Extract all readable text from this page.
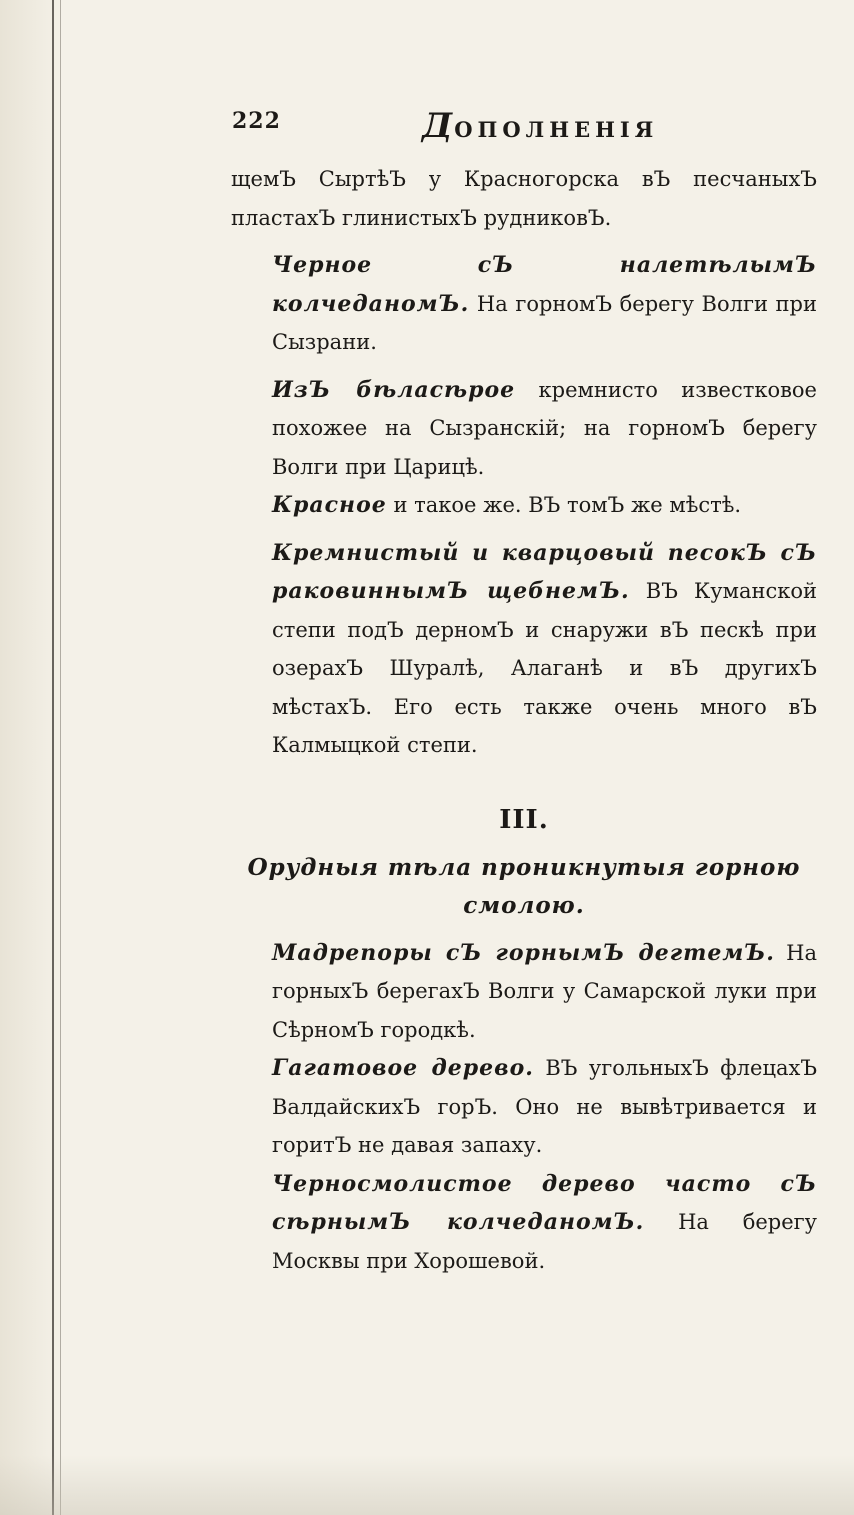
222	ДОПОЛНЕНІЯ

щемЪ СыртѣЪ у Красногорска вЪ песчаныхЪ пластахЪ глинистыхЪ рудниковЪ.

Черное сЪ налетѣлымЪ колчеданомЪ. На горномЪ берегу Волги при Сызрани.

ИзЪ бѣласѣрое кремнисто известковое похожее на Сызранскій; на горномЪ берегу Волги при Царицѣ.

Красное и такое же. ВЪ томЪ же мѣстѣ.

Кремнистый и кварцовый песокЪ сЪ раковиннымЪ щебнемЪ. ВЪ Куманской степи подЪ дерномЪ и снаружи вЪ пескѣ при озерахЪ Шуралѣ, Алаганѣ и вЪ другихЪ мѣстахЪ. Его есть также очень много вЪ Калмыцкой степи.

III.

Орудныя тѣла проникнутыя горною смолою.

Мадрепоры сЪ горнымЪ дегтемЪ. На горныхЪ берегахЪ Волги у Самарской луки при СѣрномЪ городкѣ.

Гагатовое дерево. ВЪ угольныхЪ флецахЪ ВалдайскихЪ горЪ. Оно не вывѣтривается и горитЪ не давая запаху.

Черносмолистое дерево часто сЪ сѣрнымЪ колчеданомЪ. На берегу Москвы при Хорошевой.
